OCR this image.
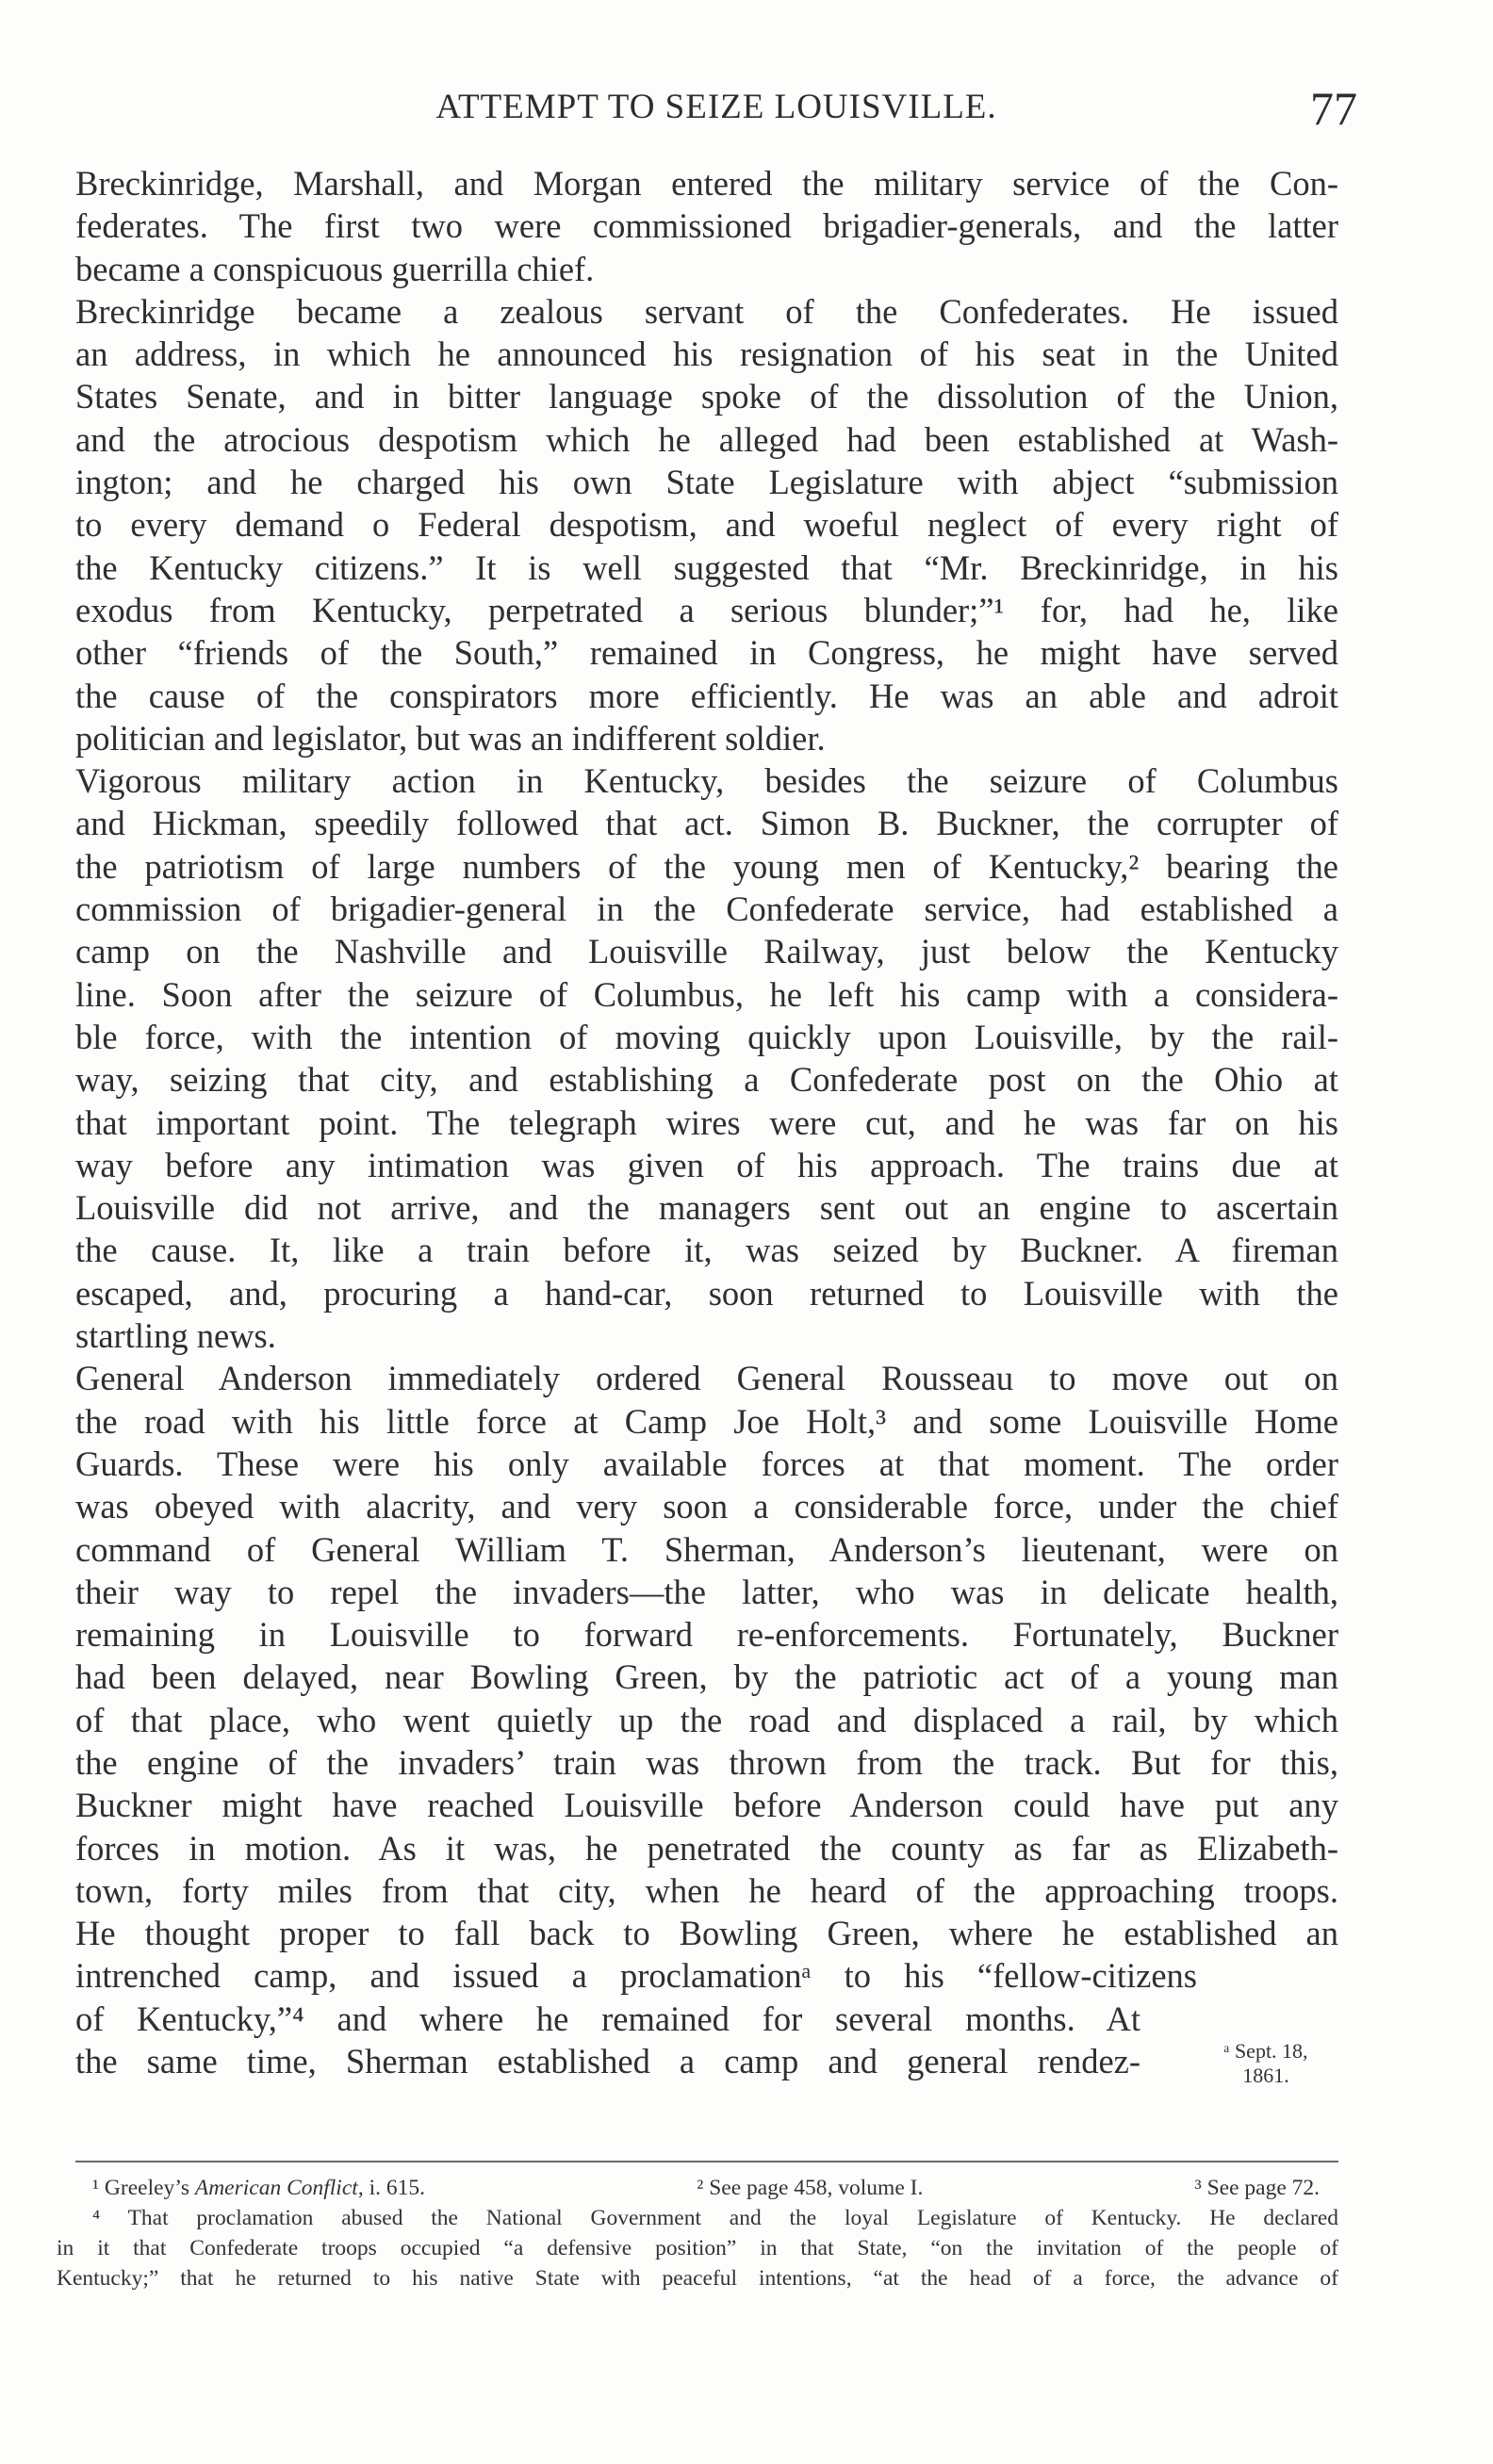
ATTEMPT TO SEIZE LOUISVILLE.	77
Breckinridge, Marshall, and Morgan entered the military service of the Con-
federates. The first two were commissioned brigadier-generals, and the latter
became a conspicuous guerrilla chief.
Breckinridge became a zealous servant of the Confederates. He issued
an address, in which he announced his resignation of his seat in the United
States Senate, and in bitter language spoke of the dissolution of the Union,
and the atrocious despotism which he alleged had been established at Wash-
ington; and he charged his own State Legislature with abject “submission
to every demand o Federal despotism, and woeful neglect of every right of
the Kentucky citizens.” It is well suggested that “Mr. Breckinridge, in his
exodus from Kentucky, perpetrated a serious blunder;”¹ for, had he, like
other “friends of the South,” remained in Congress, he might have served
the cause of the conspirators more efficiently. He was an able and adroit
politician and legislator, but was an indifferent soldier.
Vigorous military action in Kentucky, besides the seizure of Columbus
and Hickman, speedily followed that act. Simon B. Buckner, the corrupter of
the patriotism of large numbers of the young men of Kentucky,² bearing the
commission of brigadier-general in the Confederate service, had established a
camp on the Nashville and Louisville Railway, just below the Kentucky
line. Soon after the seizure of Columbus, he left his camp with a considera-
ble force, with the intention of moving quickly upon Louisville, by the rail-
way, seizing that city, and establishing a Confederate post on the Ohio at
that important point. The telegraph wires were cut, and he was far on his
way before any intimation was given of his approach. The trains due at
Louisville did not arrive, and the managers sent out an engine to ascertain
the cause. It, like a train before it, was seized by Buckner. A fireman
escaped, and, procuring a hand-car, soon returned to Louisville with the
startling news.
General Anderson immediately ordered General Rousseau to move out on
the road with his little force at Camp Joe Holt,³ and some Louisville Home
Guards. These were his only available forces at that moment. The order
was obeyed with alacrity, and very soon a considerable force, under the chief
command of General William T. Sherman, Anderson’s lieutenant, were on
their way to repel the invaders—the latter, who was in delicate health,
remaining in Louisville to forward re-enforcements. Fortunately, Buckner
had been delayed, near Bowling Green, by the patriotic act of a young man
of that place, who went quietly up the road and displaced a rail, by which
the engine of the invaders’ train was thrown from the track. But for this,
Buckner might have reached Louisville before Anderson could have put any
forces in motion. As it was, he penetrated the county as far as Elizabeth-
town, forty miles from that city, when he heard of the approaching troops.
He thought proper to fall back to Bowling Green, where he established an
intrenched camp, and issued a proclamationᵃ to his “fellow-citizens
of Kentucky,”⁴ and where he remained for several months. At
the same time, Sherman established a camp and general rendez-	ᵃ Sept. 18,
1861.
¹ Greeley’s American Conflict, i. 615.	² See page 458, volume I.	³ See page 72.
⁴ That proclamation abused the National Government and the loyal Legislature of Kentucky. He declared
in it that Confederate troops occupied “a defensive position” in that State, “on the invitation of the people of
Kentucky;” that he returned to his native State with peaceful intentions, “at the head of a force, the advance of
